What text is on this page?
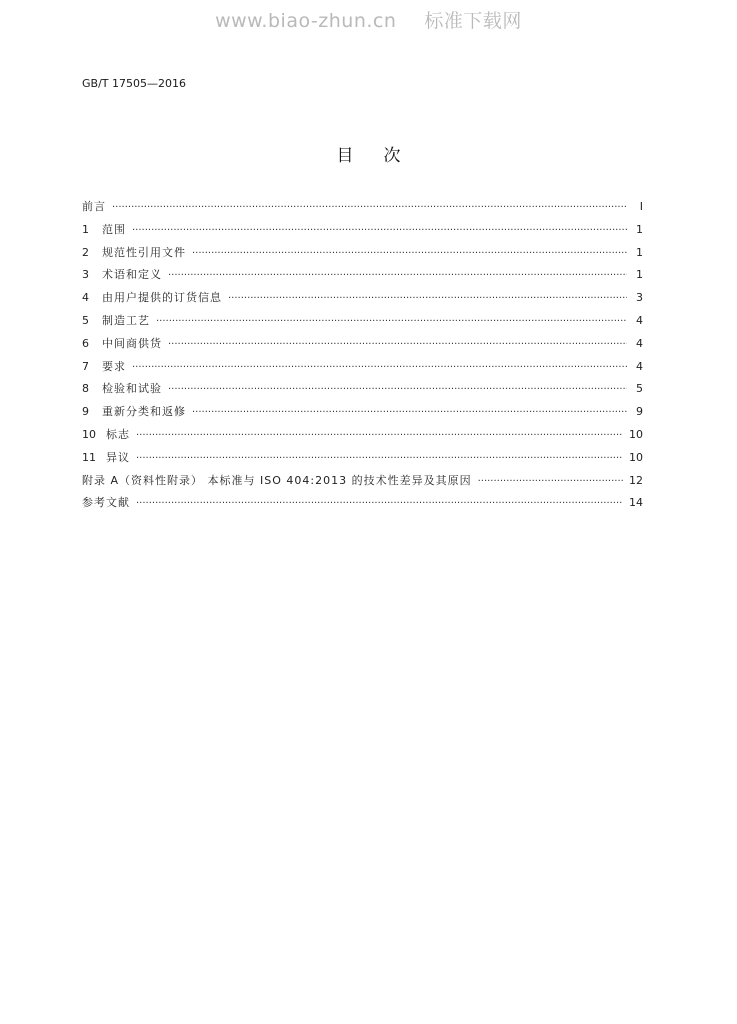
www.biao-zhun.cn 标准下载网
GB/T 17505—2016
目次
前言 ·····	I
1	范围 ·····	1
2	规范性引用文件 ·····	1
3	术语和定义 ·····	1
4	由用户提供的订货信息 ·····	3
5	制造工艺 ·····	4
6	中间商供货 ·····	4
7	要求 ·····	4
8	检验和试验 ·····	5
9	重新分类和返修 ·····	9
10 标志 ·····	10
11 异议 ·····	10
附录 A（资料性附录） 本标准与 ISO 404:2013 的技术性差异及其原因 ·····	12
参考文献 ·····	14
